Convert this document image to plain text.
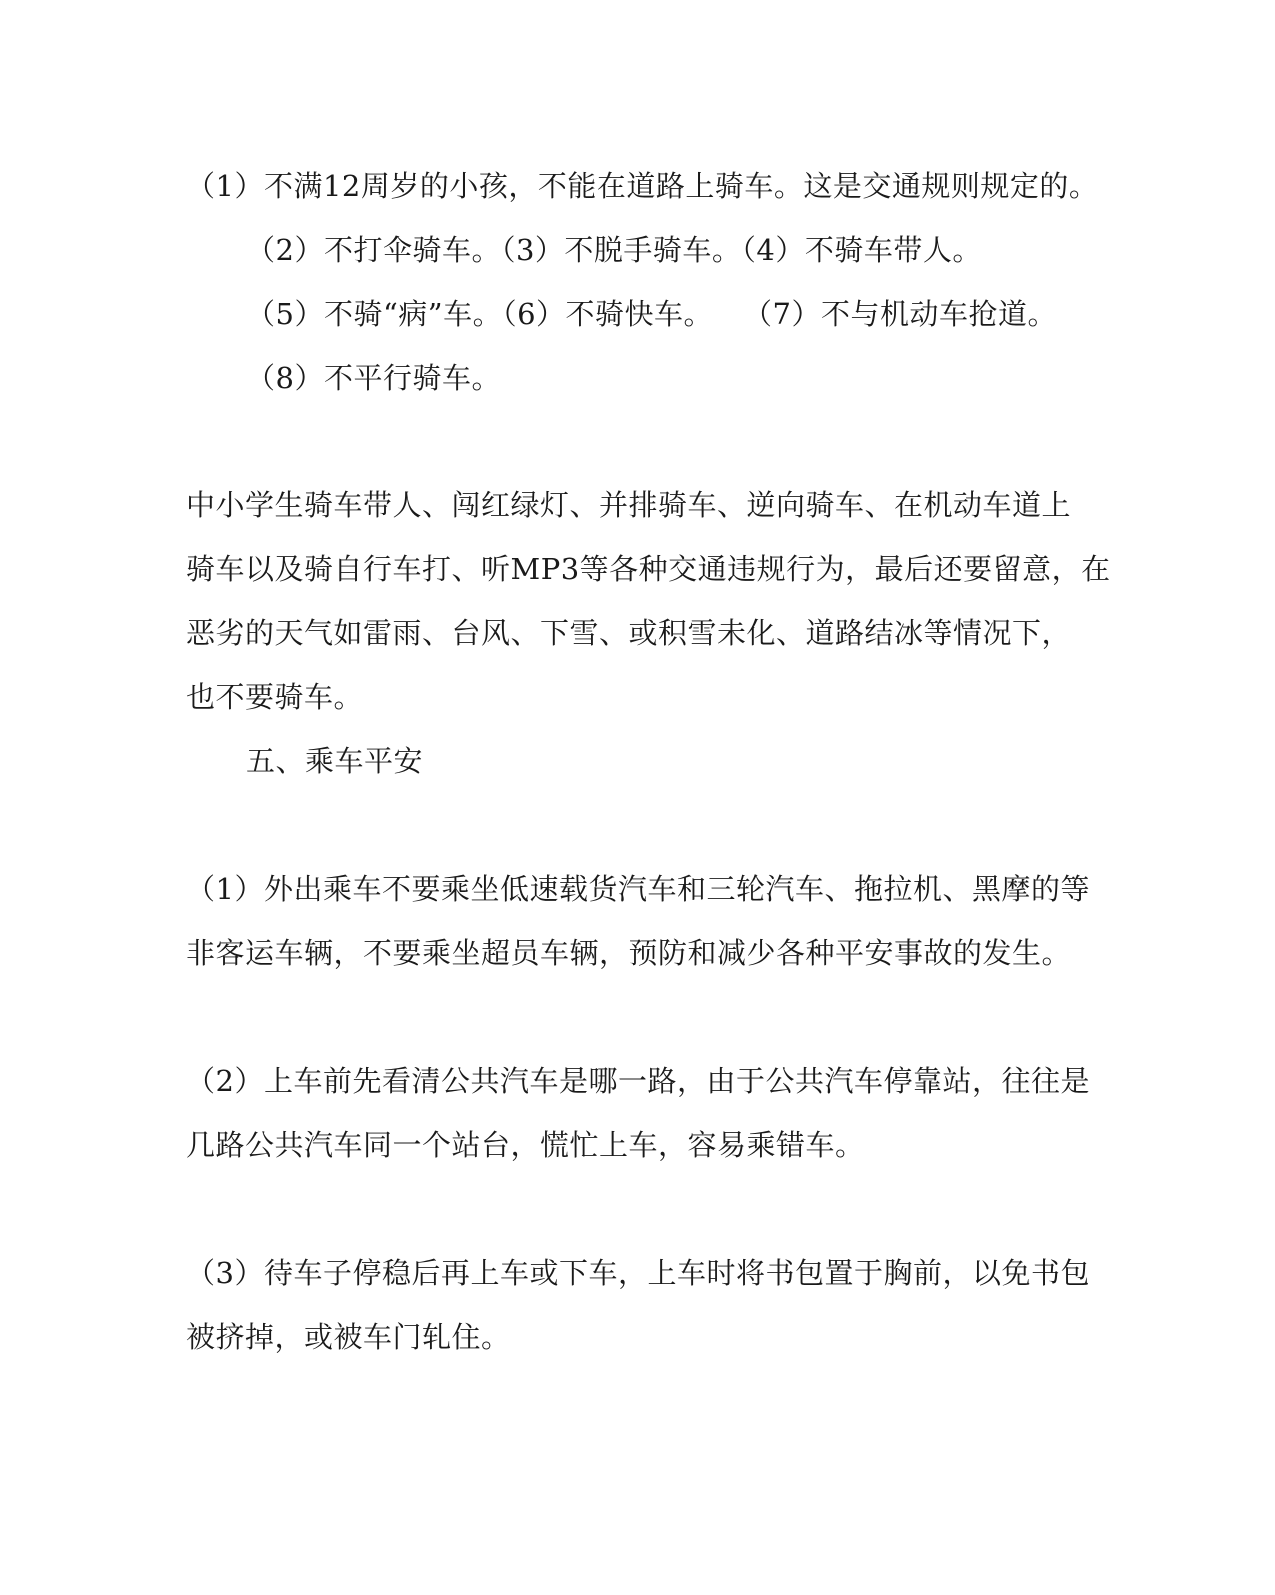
（1）不满12周岁的小孩，不能在道路上骑车。这是交通规则规定的。
（2）不打伞骑车。（3）不脱手骑车。（4）不骑车带人。
（5）不骑“病”车。（6）不骑快车。　　（7）不与机动车抢道。
（8）不平行骑车。
中小学生骑车带人、闯红绿灯、并排骑车、逆向骑车、在机动车道上
骑车以及骑自行车打、听MP3等各种交通违规行为，最后还要留意，在
恶劣的天气如雷雨、台风、下雪、或积雪未化、道路结冰等情况下，
也不要骑车。
五、乘车平安
（1）外出乘车不要乘坐低速载货汽车和三轮汽车、拖拉机、黑摩的等
非客运车辆，不要乘坐超员车辆，预防和减少各种平安事故的发生。
（2）上车前先看清公共汽车是哪一路，由于公共汽车停靠站，往往是
几路公共汽车同一个站台，慌忙上车，容易乘错车。
（3）待车子停稳后再上车或下车，上车时将书包置于胸前，以免书包
被挤掉，或被车门轧住。
